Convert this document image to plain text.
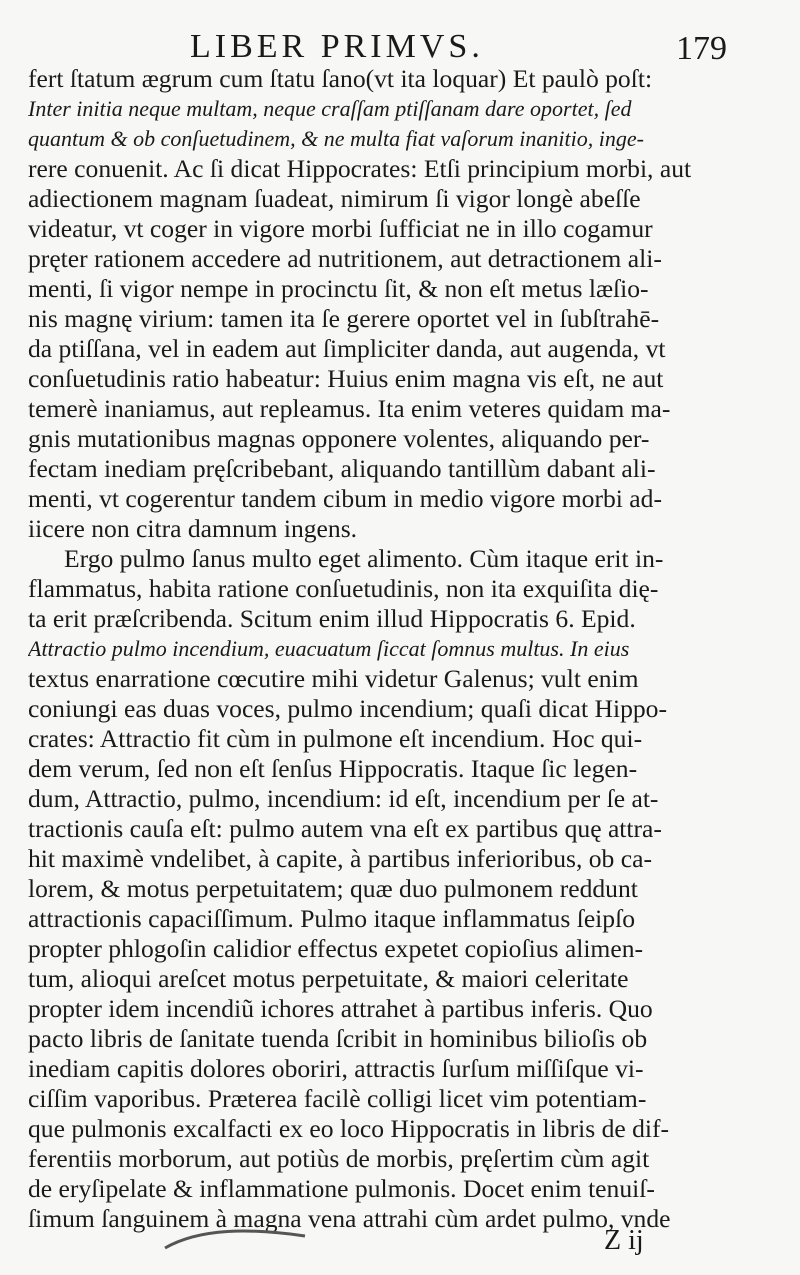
LIBER PRIMVS.	179
fert ſtatum ægrum cum ſtatu ſano(vt ita loquar) Et paulò poſt:
Inter initia neque multam, neque craſſam ptiſſanam dare oportet, ſed
quantum & ob conſuetudinem, & ne multa fiat vaſorum inanitio, inge-
rere conuenit. Ac ſi dicat Hippocrates: Etſi principium morbi, aut
adiectionem magnam ſuadeat, nimirum ſi vigor longè abeſſe
videatur, vt coger in vigore morbi ſufficiat ne in illo cogamur
pręter rationem accedere ad nutritionem, aut detractionem ali-
menti, ſi vigor nempe in procinctu ſit, & non eſt metus læſio-
nis magnę virium: tamen ita ſe gerere oportet vel in ſubſtrahē-
da ptiſſana, vel in eadem aut ſimpliciter danda, aut augenda, vt
conſuetudinis ratio habeatur: Huius enim magna vis eſt, ne aut
temerè inaniamus, aut repleamus. Ita enim veteres quidam ma-
gnis mutationibus magnas opponere volentes, aliquando per-
fectam inediam pręſcribebant, aliquando tantillùm dabant ali-
menti, vt cogerentur tandem cibum in medio vigore morbi ad-
iicere non citra damnum ingens.
Ergo pulmo ſanus multo eget alimento. Cùm itaque erit in-
flammatus, habita ratione conſuetudinis, non ita exquiſita dię-
ta erit præſcribenda. Scitum enim illud Hippocratis 6. Epid.
Attractio pulmo incendium, euacuatum ſiccat ſomnus multus. In eius
textus enarratione cœcutire mihi videtur Galenus; vult enim
coniungi eas duas voces, pulmo incendium; quaſi dicat Hippo-
crates: Attractio fit cùm in pulmone eſt incendium. Hoc qui-
dem verum, ſed non eſt ſenſus Hippocratis. Itaque ſic legen-
dum, Attractio, pulmo, incendium: id eſt, incendium per ſe at-
tractionis cauſa eſt: pulmo autem vna eſt ex partibus quę attra-
hit maximè vndelibet, à capite, à partibus inferioribus, ob ca-
lorem, & motus perpetuitatem; quæ duo pulmonem reddunt
attractionis capaciſſimum. Pulmo itaque inflammatus ſeipſo
propter phlogoſin calidior effectus expetet copioſius alimen-
tum, alioqui areſcet motus perpetuitate, & maiori celeritate
propter idem incendiũ ichores attrahet à partibus inferis. Quo
pacto libris de ſanitate tuenda ſcribit in hominibus bilioſis ob
inediam capitis dolores oboriri, attractis ſurſum miſſiſque vi-
ciſſim vaporibus. Præterea facilè colligi licet vim potentiam-
que pulmonis excalfacti ex eo loco Hippocratis in libris de dif-
ferentiis morborum, aut potiùs de morbis, pręſertim cùm agit
de eryſipelate & inflammatione pulmonis. Docet enim tenuiſ-
ſimum ſanguinem à magna vena attrahi cùm ardet pulmo, vnde
Z ij
